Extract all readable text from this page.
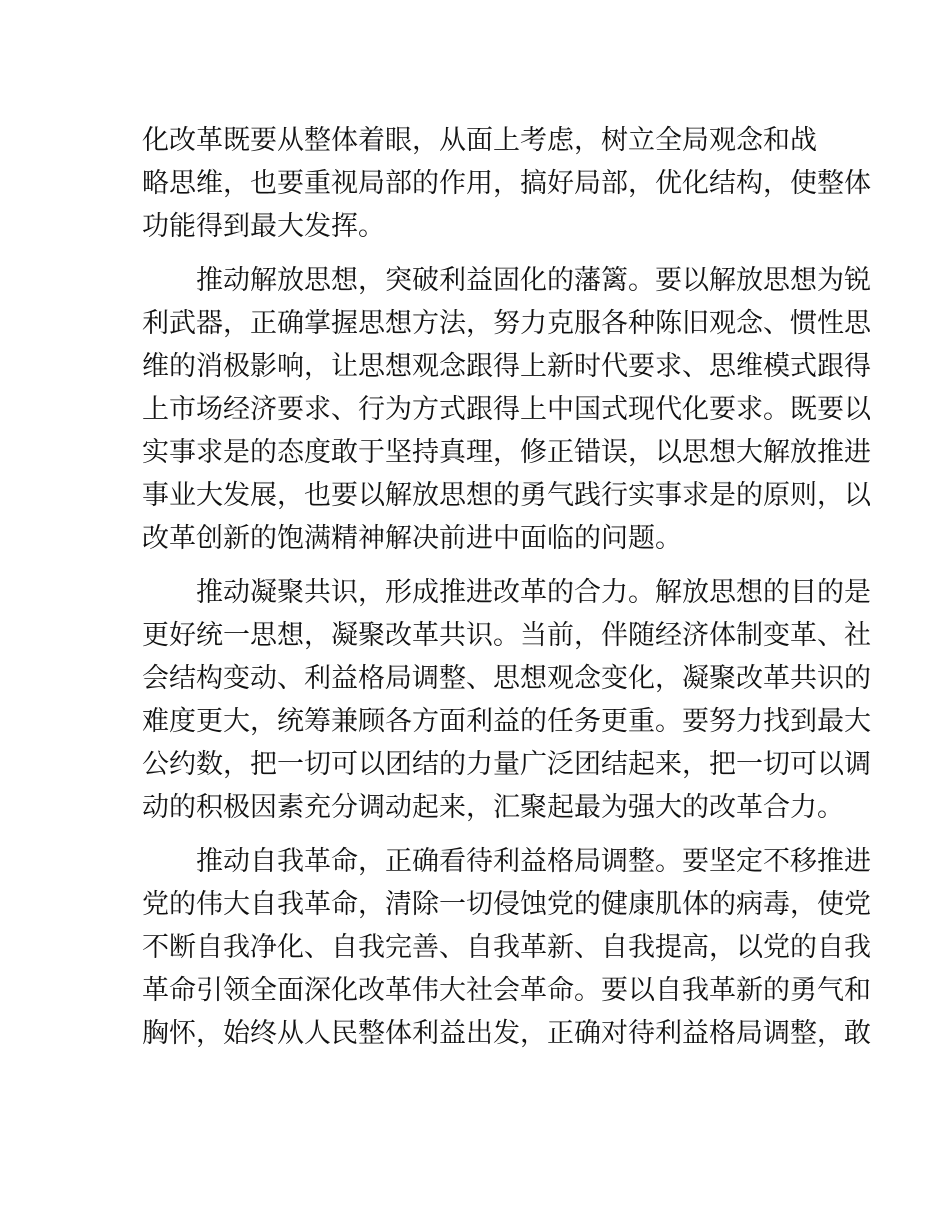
化改革既要从整体着眼，从面上考虑，树立全局观念和战
略思维，也要重视局部的作用，搞好局部，优化结构，使整体
功能得到最大发挥。
推动解放思想，突破利益固化的藩篱。要以解放思想为锐
利武器，正确掌握思想方法，努力克服各种陈旧观念、惯性思
维的消极影响，让思想观念跟得上新时代要求、思维模式跟得
上市场经济要求、行为方式跟得上中国式现代化要求。既要以
实事求是的态度敢于坚持真理，修正错误，以思想大解放推进
事业大发展，也要以解放思想的勇气践行实事求是的原则，以
改革创新的饱满精神解决前进中面临的问题。
推动凝聚共识，形成推进改革的合力。解放思想的目的是
更好统一思想，凝聚改革共识。当前，伴随经济体制变革、社
会结构变动、利益格局调整、思想观念变化，凝聚改革共识的
难度更大，统筹兼顾各方面利益的任务更重。要努力找到最大
公约数，把一切可以团结的力量广泛团结起来，把一切可以调
动的积极因素充分调动起来，汇聚起最为强大的改革合力。
推动自我革命，正确看待利益格局调整。要坚定不移推进
党的伟大自我革命，清除一切侵蚀党的健康肌体的病毒，使党
不断自我净化、自我完善、自我革新、自我提高，以党的自我
革命引领全面深化改革伟大社会革命。要以自我革新的勇气和
胸怀，始终从人民整体利益出发，正确对待利益格局调整，敢
